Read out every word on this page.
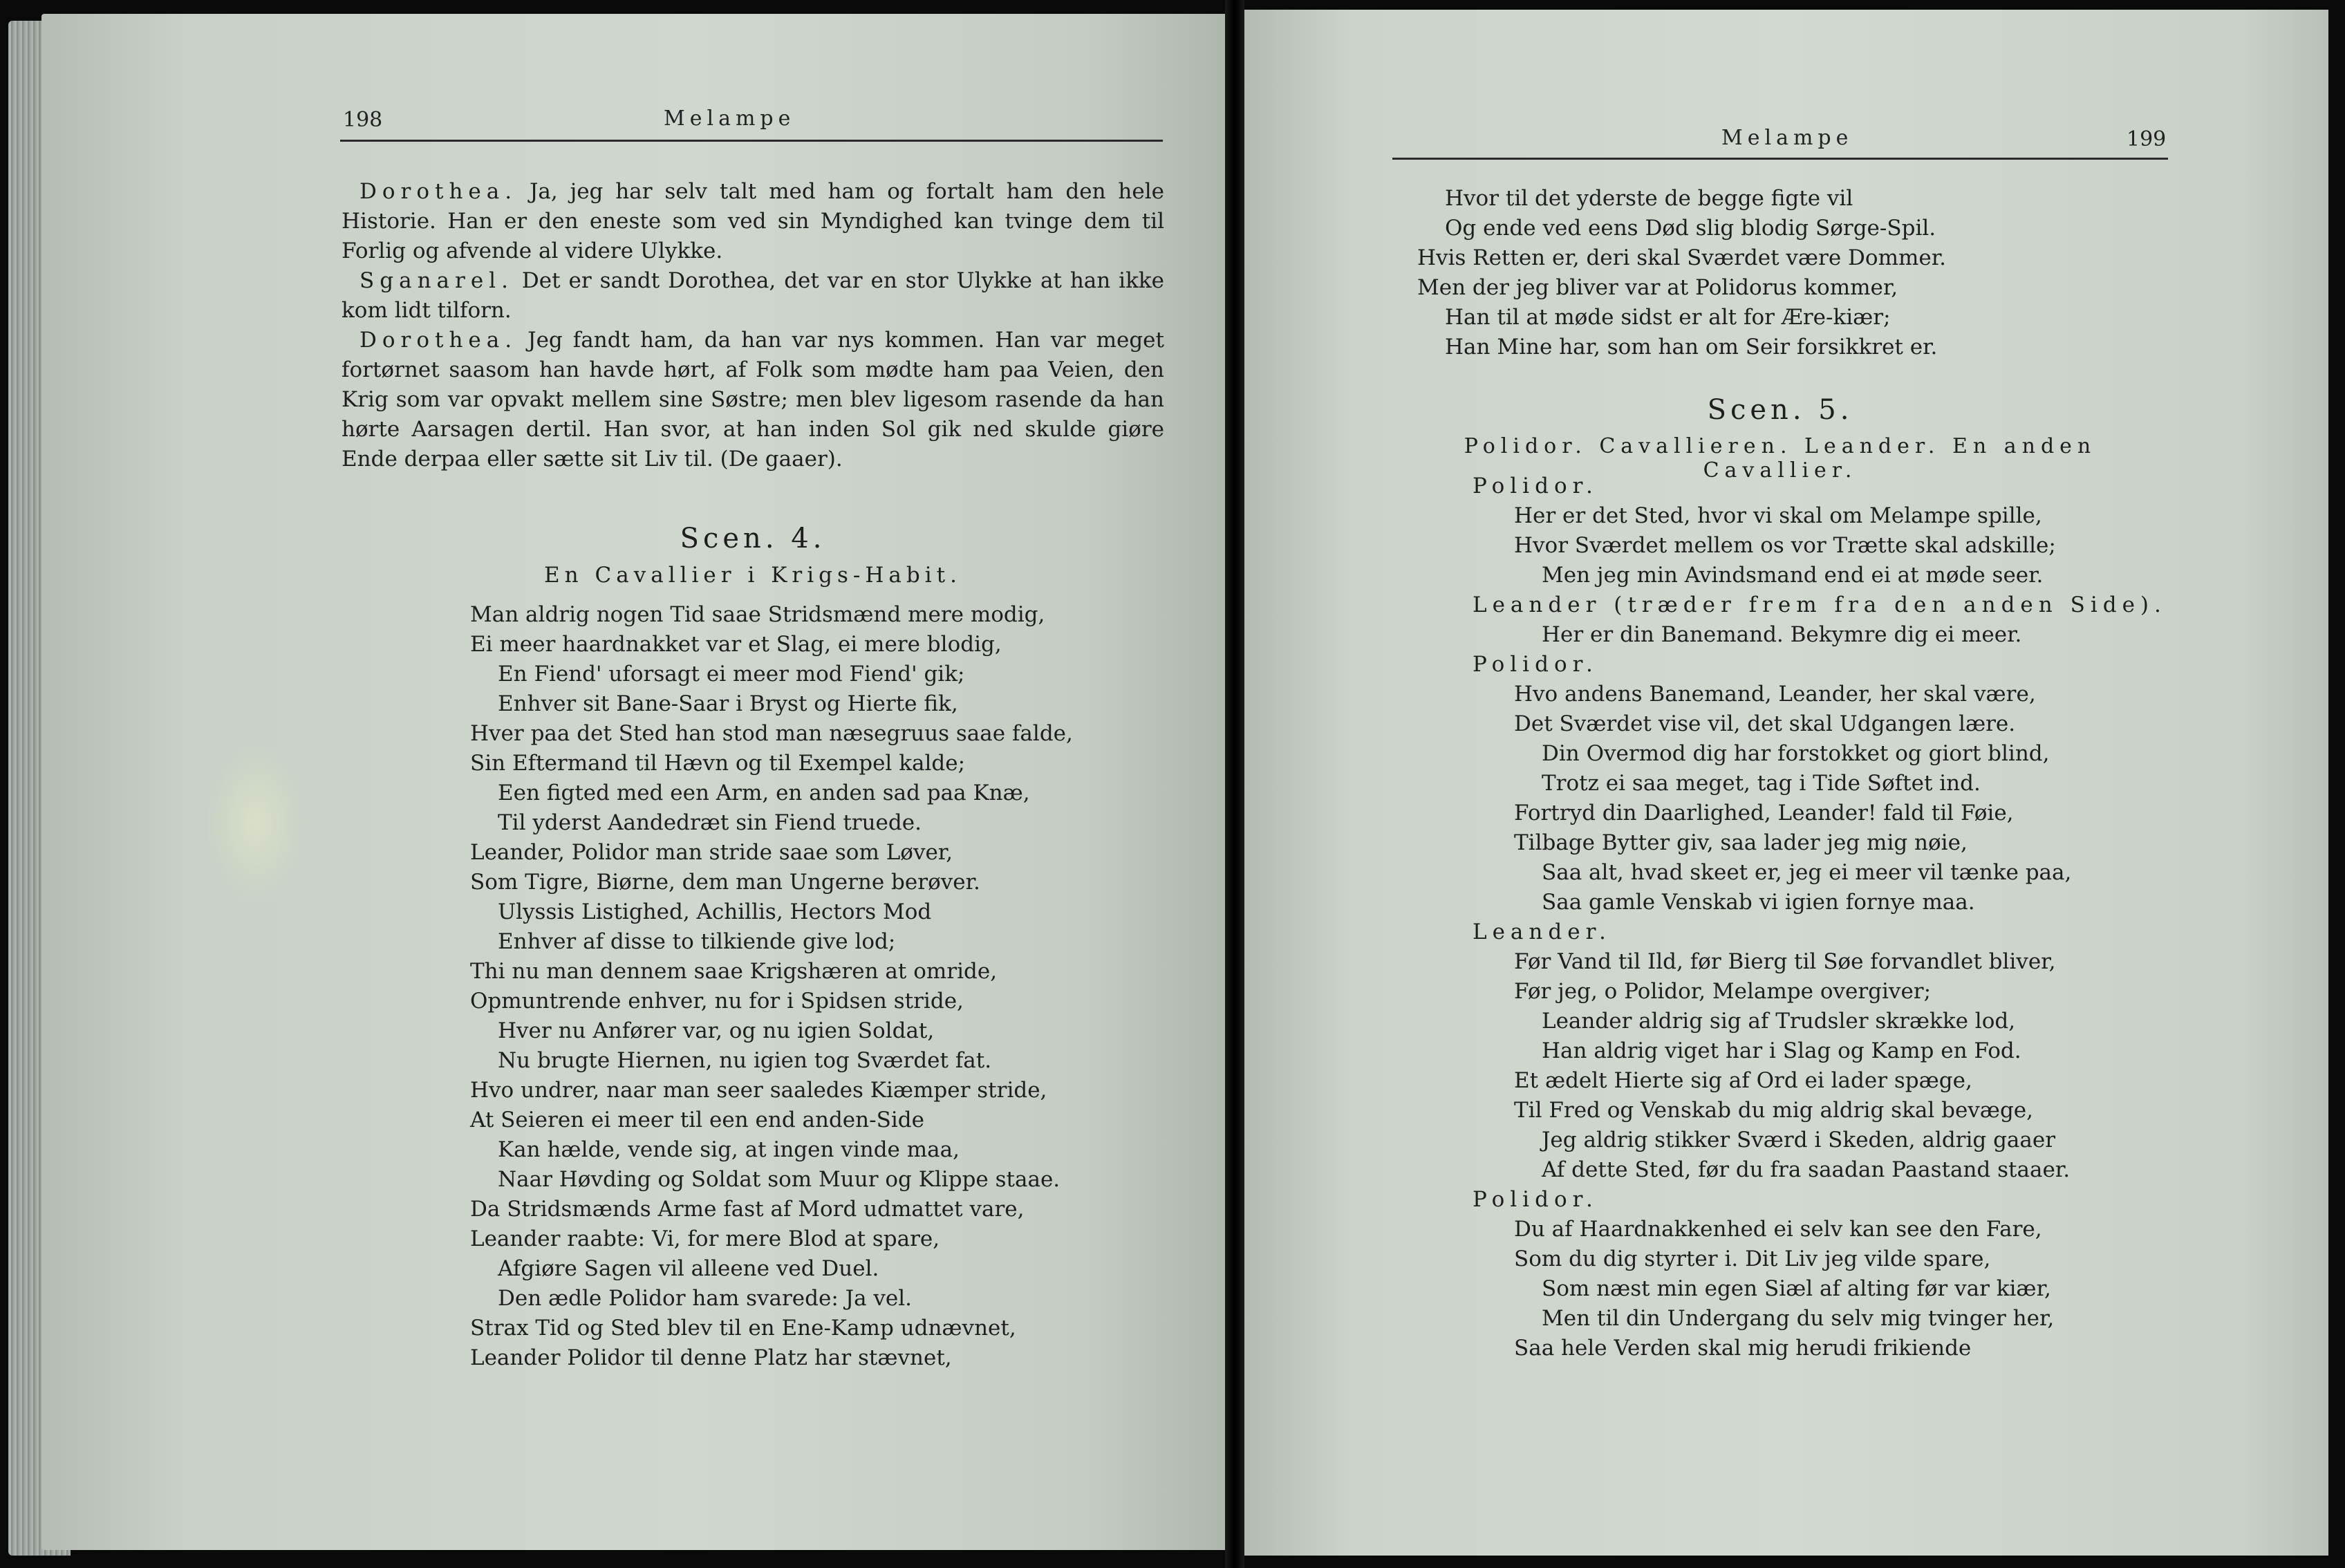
198	Melampe

Dorothea. Ja, jeg har selv talt med ham og fortalt ham den hele Historie. Han er den eneste som ved sin Myndighed kan tvinge dem til Forlig og afvende al videre Ulykke.

Sganarel. Det er sandt Dorothea, det var en stor Ulykke at han ikke kom lidt tilforn.

Dorothea. Jeg fandt ham, da han var nys kommen. Han var meget fortørnet saasom han havde hørt, af Folk som mødte ham paa Veien, den Krig som var opvakt mellem sine Søstre; men blev ligesom rasende da han hørte Aarsagen dertil. Han svor, at han inden Sol gik ned skulde giøre Ende derpaa eller sætte sit Liv til. (De gaaer).

Scen. 4.
En Cavallier i Krigs-Habit.
Man aldrig nogen Tid saae Stridsmænd mere modig,
Ei meer haardnakket var et Slag, ei mere blodig,
En Fiend' uforsagt ei meer mod Fiend' gik;
Enhver sit Bane-Saar i Bryst og Hierte fik,
Hver paa det Sted han stod man næsegruus saae falde,
Sin Eftermand til Hævn og til Exempel kalde;
Een figted med een Arm, en anden sad paa Knæ,
Til yderst Aandedræt sin Fiend truede.
Leander, Polidor man stride saae som Løver,
Som Tigre, Biørne, dem man Ungerne berøver.
Ulyssis Listighed, Achillis, Hectors Mod
Enhver af disse to tilkiende give lod;
Thi nu man dennem saae Krigshæren at omride,
Opmuntrende enhver, nu for i Spidsen stride,
Hver nu Anfører var, og nu igien Soldat,
Nu brugte Hiernen, nu igien tog Sværdet fat.
Hvo undrer, naar man seer saaledes Kiæmper stride,
At Seieren ei meer til een end anden-Side
Kan hælde, vende sig, at ingen vinde maa,
Naar Høvding og Soldat som Muur og Klippe staae.
Da Stridsmænds Arme fast af Mord udmattet vare,
Leander raabte: Vi, for mere Blod at spare,
Afgiøre Sagen vil alleene ved Duel.
Den ædle Polidor ham svarede: Ja vel.
Strax Tid og Sted blev til en Ene-Kamp udnævnet,
Leander Polidor til denne Platz har stævnet,
Melampe	199
Hvor til det yderste de begge figte vil
Og ende ved eens Død slig blodig Sørge-Spil.
Hvis Retten er, deri skal Sværdet være Dommer.
Men der jeg bliver var at Polidorus kommer,
Han til at møde sidst er alt for Ære-kiær;
Han Mine har, som han om Seir forsikkret er.
Scen. 5.
Polidor. Cavallieren. Leander. En anden Cavallier.
Polidor.
Her er det Sted, hvor vi skal om Melampe spille,
Hvor Sværdet mellem os vor Trætte skal adskille;
Men jeg min Avindsmand end ei at møde seer.
Leander (træder frem fra den anden Side).
Her er din Banemand. Bekymre dig ei meer.
Polidor.
Hvo andens Banemand, Leander, her skal være,
Det Sværdet vise vil, det skal Udgangen lære.
Din Overmod dig har forstokket og giort blind,
Trotz ei saa meget, tag i Tide Søftet ind.
Fortryd din Daarlighed, Leander! fald til Føie,
Tilbage Bytter giv, saa lader jeg mig nøie,
Saa alt, hvad skeet er, jeg ei meer vil tænke paa,
Saa gamle Venskab vi igien fornye maa.
Leander.
Før Vand til Ild, før Bierg til Søe forvandlet bliver,
Før jeg, o Polidor, Melampe overgiver;
Leander aldrig sig af Trudsler skrække lod,
Han aldrig viget har i Slag og Kamp en Fod.
Et ædelt Hierte sig af Ord ei lader spæge,
Til Fred og Venskab du mig aldrig skal bevæge,
Jeg aldrig stikker Sværd i Skeden, aldrig gaaer
Af dette Sted, før du fra saadan Paastand staaer.
Polidor.
Du af Haardnakkenhed ei selv kan see den Fare,
Som du dig styrter i. Dit Liv jeg vilde spare,
Som næst min egen Siæl af alting før var kiær,
Men til din Undergang du selv mig tvinger her,
Saa hele Verden skal mig herudi frikiende
